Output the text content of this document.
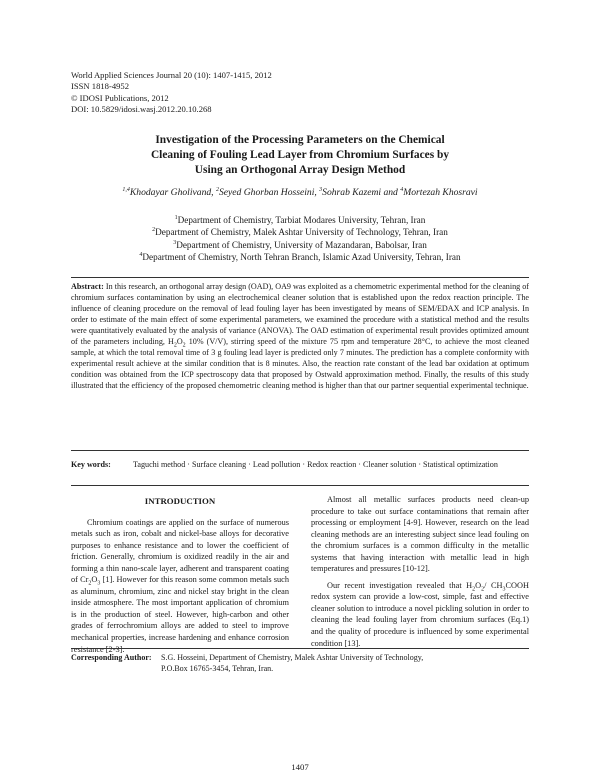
World Applied Sciences Journal 20 (10): 1407-1415, 2012
ISSN 1818-4952
© IDOSI Publications, 2012
DOI: 10.5829/idosi.wasj.2012.20.10.268
Investigation of the Processing Parameters on the Chemical
Cleaning of Fouling Lead Layer from Chromium Surfaces by
Using an Orthogonal Array Design Method
$^{1,4}$Khodayar Gholivand, $^2$Seyed Ghorban Hosseini, $^3$Sohrab Kazemi and $^4$Mortezah Khosravi
$^1$Department of Chemistry, Tarbiat Modares University, Tehran, Iran
$^2$Department of Chemistry, Malek Ashtar University of Technology, Tehran, Iran
$^3$Department of Chemistry, University of Mazandaran, Babolsar, Iran
$^4$Department of Chemistry, North Tehran Branch, Islamic Azad University, Tehran, Iran
Abstract: In this research, an orthogonal array design (OAD), OA9 was exploited as a chemometric experimental method for the cleaning of chromium surfaces contamination by using an electrochemical cleaner solution that is established upon the redox reaction principle. The influence of cleaning procedure on the removal of lead fouling layer has been investigated by means of SEM/EDAX and ICP analysis. In order to estimate of the main effect of some experimental parameters, we examined the procedure with a statistical method and the results were quantitatively evaluated by the analysis of variance (ANOVA). The OAD estimation of experimental result provides optimized amount of the parameters including, $H_2O_2$ 10% (V/V), stirring speed of the mixture 75 rpm and temperature 28°C, to achieve the most cleaned sample, at which the total removal time of 3 g fouling lead layer is predicted only 7 minutes. The prediction has a complete conformity with experimental result achieve at the similar condition that is 8 minutes. Also, the reaction rate constant of the lead bar oxidation at optimum condition was obtained from the ICP spectroscopy data that proposed by Ostwald approximation method. Finally, the results of this study illustrated that the efficiency of the proposed chemometric cleaning method is higher than that our partner sequential experimental technique.
Key words:	Taguchi method · Surface cleaning · Lead pollution · Redox reaction · Cleaner solution · Statistical optimization
INTRODUCTION

Chromium coatings are applied on the surface of numerous metals such as iron, cobalt and nickel-base alloys for decorative purposes to enhance resistance and to lower the coefficient of friction. Generally, chromium is oxidized readily in the air and forming a thin nano-scale layer, adherent and transparent coating of $Cr_2O_3$ [1]. However for this reason some common metals such as aluminum, chromium, zinc and nickel stay bright in the clean inside atmosphere. The most important application of chromium is in the production of steel. However, high-carbon and other grades of ferrochromium alloys are added to steel to improve mechanical properties, increase hardening and enhance corrosion resistance [2-3].

Almost all metallic surfaces products need clean-up procedure to take out surface contaminations that remain after processing or employment [4-9]. However, research on the lead cleaning methods are an interesting subject since lead fouling on the chromium surfaces is a common difficulty in the metallic systems that having interaction with metallic lead in high temperatures and pressures [10-12].

Our recent investigation revealed that $H_2O_2/$ $CH_3COOH$ redox system can provide a low-cost, simple, fast and effective cleaner solution to introduce a novel pickling solution in order to cleaning the lead fouling layer from chromium surfaces (Eq.1) and the quality of procedure is influenced by some experimental condition [13].

Corresponding Author:	S.G. Hosseini, Department of Chemistry, Malek Ashtar University of Technology,
P.O.Box 16765-3454, Tehran, Iran.
1407
